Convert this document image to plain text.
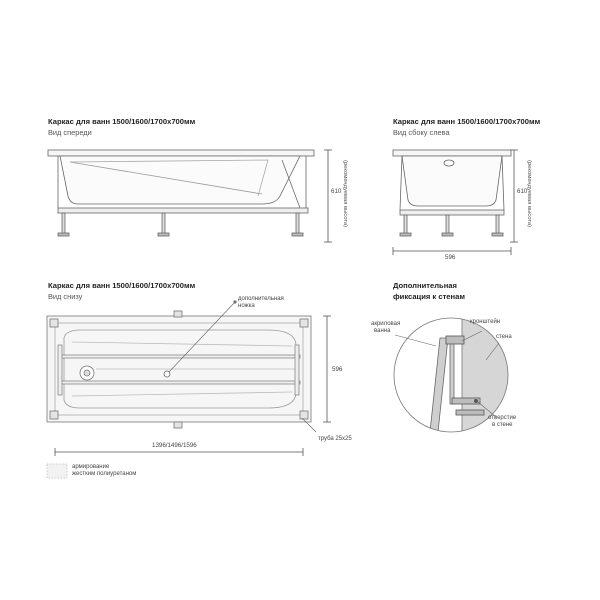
Каркас для ванн 1500/1600/1700х700мм
Вид спереди
610 (рекомендуемая высота)
Каркас для ванн 1500/1600/1700х700мм
Вид сбоку слева
610
(рекомендуемая высота)
596
Каркас для ванн 1500/1600/1700х700мм
Вид снизу	дополнительная ножка
596
1396/1496/1596
труба 25х25
армирование
жестким полиуретаном
Дополнительная
фиксация к стенам
акриловая
ванна
кронштейн
стена
отверстие
в стене
